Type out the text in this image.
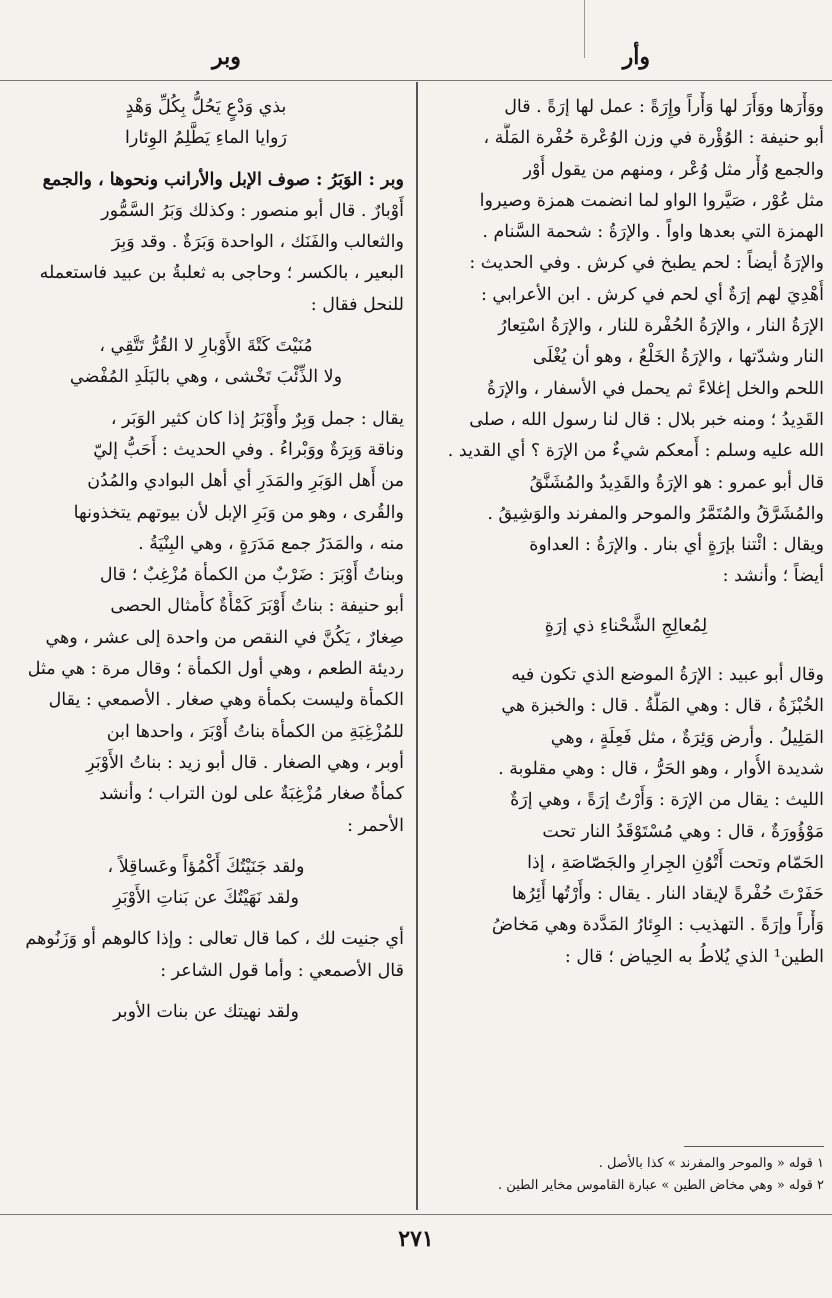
وأر
وبر
ووَأْرَها ووَأَرَ لها وَأْراً وإِرَةً : عمل لها إرَةً . قال
أبو حنيفة : الوُؤْرة في وزن الوُعْرة حُفْرة المَلَّة ،
والجمع وُأْر مثل وُعْر ، ومنهم من يقول أُوْر
مثل عُوْر ، صَيَّروا الواو لما انضمت همزة وصيروا
الهمزة التي بعدها واواً . والإرَةُ : شحمة السَّنام .
والإرَةُ أيضاً : لحم يطبخ في كرش . وفي الحديث :
أُهْدِيَ لهم إرَةٌ أي لحم في كرش . ابن الأعرابي :
الإرَةُ النار ، والإرَةُ الحُفْرة للنار ، والإرَةُ اسْتِعارُ
النار وشدّتها ، والإرَةُ الخَلْعُ ، وهو أن يُغْلَى
اللحم والخل إغلاءً ثم يحمل في الأسفار ، والإرَةُ
القَدِيدُ ؛ ومنه خبر بلال : قال لنا رسول الله ، صلى
الله عليه وسلم : أَمعكم شيءٌ من الإرَة ؟ أي القديد .
قال أبو عمرو : هو الإرَةُ والقَدِيدُ والمُشَنَّقُ
والمُشَرَّقُ والمُتَمَّرُ والموحر والمفرند والوَشِيقُ .
ويقال : ائْتنا بإرَةٍ أي بنار . والإرَةُ : العداوة
أيضاً ؛ وأنشد :
لِمُعالِجِ الشَّحْناءِ ذي إرَةٍ
وقال أبو عبيد : الإرَةُ الموضع الذي تكون فيه
الخُبْزَةُ ، قال : وهي المَلَّةُ . قال : والخبزة هي
المَلِيلُ . وأرض وَئِرَةٌ ، مثل فَعِلَةٍ ، وهي
شديدة الأُوار ، وهو الحَرُّ ، قال : وهي مقلوبة .
الليث : يقال من الإرَة : وَأَرْتُ إرَةً ، وهي إرَةٌ
مَوْؤُورَةٌ ، قال : وهي مُسْتَوْقَدُ النار تحت
الحَمّام وتحت أَتْوُنِ الجِرارِ والجَصّاصَةِ ، إذا
حَفَرْتَ حُفْرةً لإيقاد النار . يقال : وأَرْتُها أَئِرُها
وَأْراً وإرَةً . التهذيب : الوِئارُ المَدَّدة وهي مَخاضُ
الطين¹ الذي يُلاطُ به الحِياض ؛ قال :
بذي وَدْعٍ يَحُلُّ بِكُلِّ وَهْدٍ
رَوايا الماءِ يَطَّلِمُ الوِئارا
وبر : الوَبَرُ : صوف الإبل والأرانب ونحوها ، والجمع
أَوْبارٌ . قال أبو منصور : وكذلك وَبَرُ السَّمُّور
والثعالب والفَنَك ، الواحدة وَبَرَةٌ . وقد وَبِرَ
البعير ، بالكسر ؛ وحاجى به ثعلبةُ بن عبيد فاستعمله
للنحل فقال :
مُنَيْتَ كَتْةَ الأَوْبارِ لا القُرُّ تَتَّقِي ،
ولا الذِّئْبَ تَخْشى ، وهي بالبَلَدِ المُفْضي
يقال : جمل وَبِرٌ وأَوْبَرُ إذا كان كثير الوَبَر ،
وناقة وَبِرَةٌ ووَبْراءُ . وفي الحديث : أَحَبُّ إليّ
من أَهل الوَبَرِ والمَدَرِ أي أهل البوادي والمُدُن
والقُرى ، وهو من وَبَرِ الإبل لأن بيوتهم يتخذونها
منه ، والمَدَرُ جمع مَدَرَةٍ ، وهي البِنْيَةُ .
وبناتُ أَوْبَرَ : ضَرْبٌ من الكمأة مُزْغِبٌ ؛ قال
أبو حنيفة : بناتُ أَوْبَرَ كَمْأَةٌ كأَمثال الحصى
صِغارٌ ، يَكُنَّ في النقص من واحدة إلى عشر ، وهي
رديئة الطعم ، وهي أول الكمأة ؛ وقال مرة : هي مثل
الكمأة وليست بكمأة وهي صغار . الأصمعي : يقال
للمُزْغِبَةِ من الكمأة بناتُ أَوْبَرَ ، واحدها ابن
أوبر ، وهي الصغار . قال أبو زيد : بناتُ الأَوْبَرِ
كمأةٌ صغار مُزْغِبَةٌ على لون التراب ؛ وأنشد
الأحمر :
ولقد جَنَيْتُكَ أَكْمُؤاً وعَساقِلاً ،
ولقد نَهَيْتُكَ عن بَناتِ الأَوْبَرِ
أي جنيت لك ، كما قال تعالى : وإذا كالوهم أو وَزَنُوهم
قال الأصمعي : وأما قول الشاعر :
ولقد نهيتك عن بنات الأوبر
١ قوله « والموحر والمفرند » كذا بالأصل .
٢ قوله « وهي مخاض الطين » عبارة القاموس مخاير الطين .
٢٧١
